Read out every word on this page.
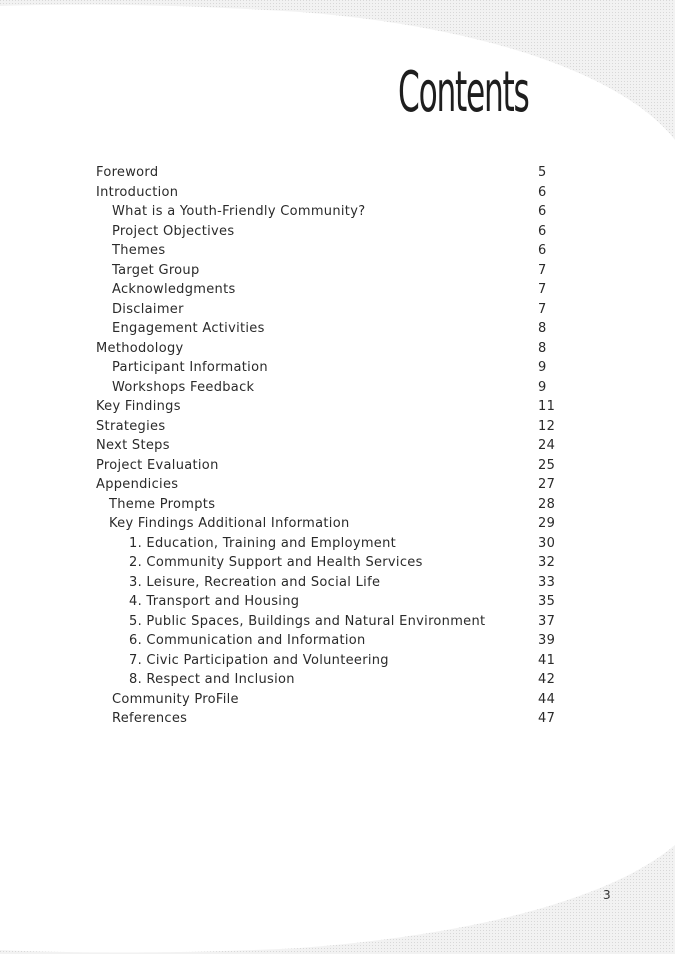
Contents
Foreword	5
Introduction	6
What is a Youth-Friendly Community?	6
Project Objectives	6
Themes	6
Target Group	7
Acknowledgments	7
Disclaimer	7
Engagement Activities	8
Methodology	8
Participant Information	9
Workshops Feedback	9
Key Findings	11
Strategies	12
Next Steps	24
Project Evaluation	25
Appendicies	27
Theme Prompts	28
Key Findings Additional Information	29
1. Education, Training and Employment	30
2. Community Support and Health Services	32
3. Leisure, Recreation and Social Life	33
4. Transport and Housing	35
5. Public Spaces, Buildings and Natural Environment	37
6. Communication and Information	39
7. Civic Participation and Volunteering	41
8. Respect and Inclusion	42
Community ProFile	44
References	47
3
